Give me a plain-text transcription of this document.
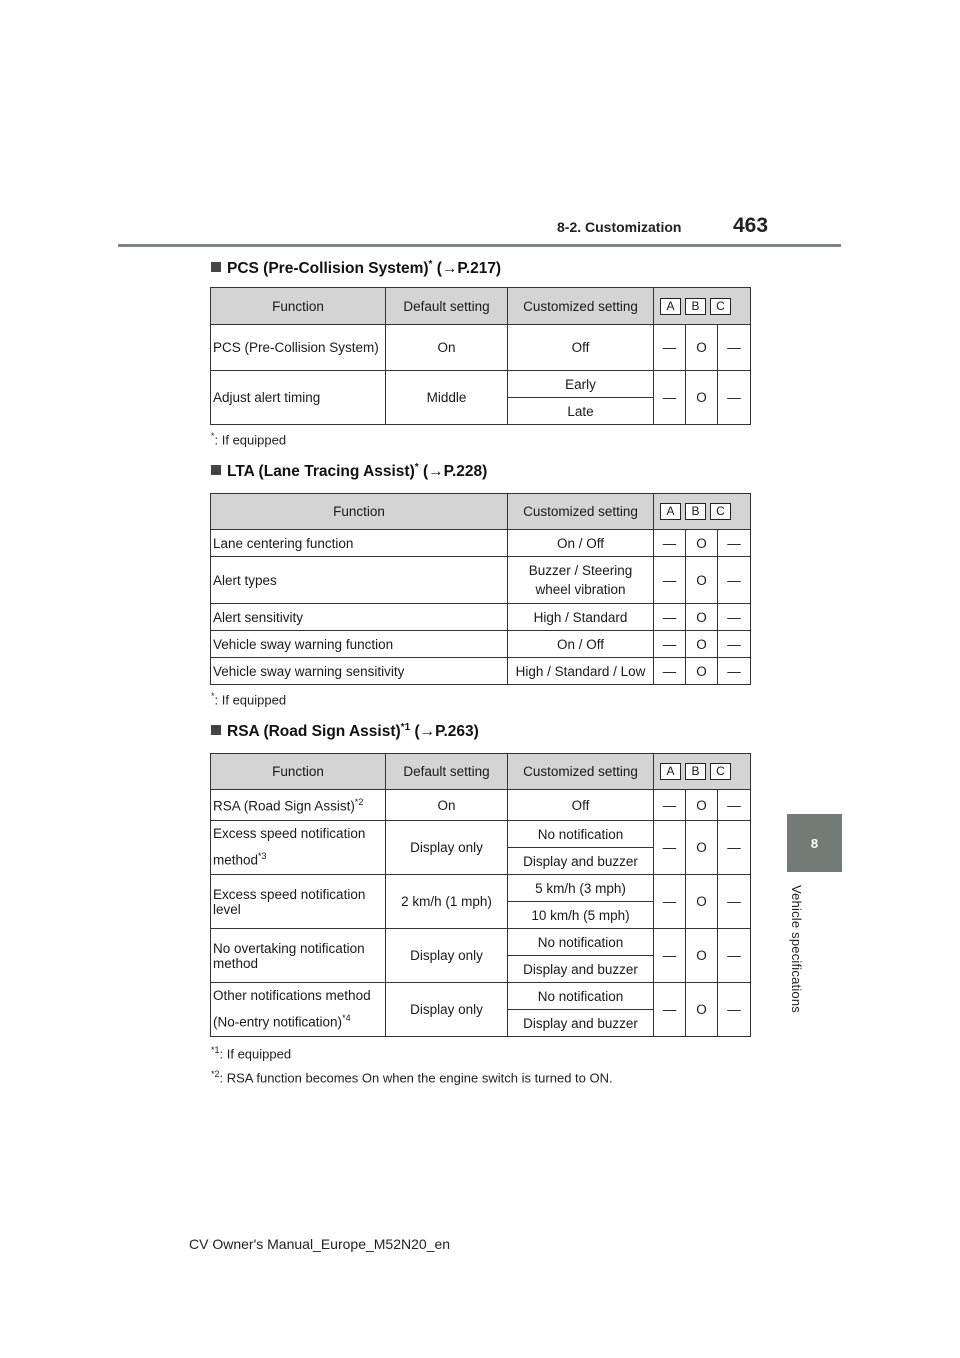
8-2. Customization 463
8
Vehicle specifications
PCS (Pre-Collision System)* (→P.217)
Function	Default setting	Customized setting	A B C		

PCS (Pre-Collision System)	On	Off	—	O	—
Adjust alert timing	Middle	Early	—	O	—
		Late			
*: If equipped
LTA (Lane Tracing Assist)* (→P.228)
Function	Customized setting	A B C		

Lane centering function	On / Off	—	O	—
Alert types	Buzzer / Steering wheel vibration	—	O	—
Alert sensitivity	High / Standard	—	O	—
Vehicle sway warning function	On / Off	—	O	—
Vehicle sway warning sensitivity	High / Standard / Low	—	O	—
*: If equipped
RSA (Road Sign Assist)$^{*1}$ (→P.263)
Function	Default setting	Customized setting	A B C		

RSA (Road Sign Assist)$^{*2}$	On	Off	—	O	—
Excess speed notification method$^{*3}$	Display only	No notification	—	O	—
		Display and buzzer			
Excess speed notification level	2 km/h (1 mph)	5 km/h (3 mph)	—	O	—
		10 km/h (5 mph)			
No overtaking notification method	Display only	No notification	—	O	—
		Display and buzzer			
Other notifications method (No-entry notification)$^{*4}$	Display only	No notification	—	O	—
		Display and buzzer			
$^{*1}$: If equipped
$^{*2}$: RSA function becomes On when the engine switch is turned to ON.
CV Owner's Manual_Europe_M52N20_en
